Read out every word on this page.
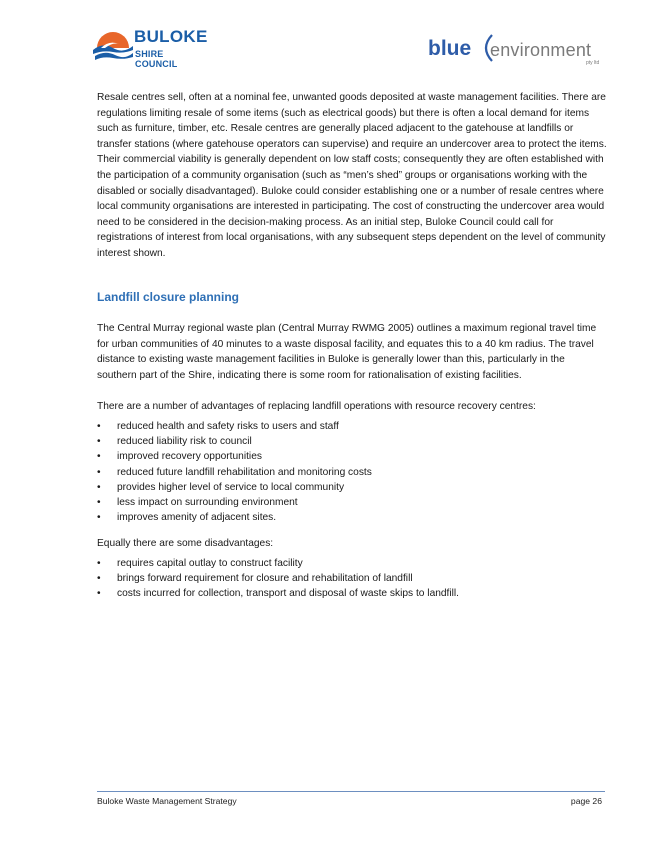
BULOKE
SHIRE COUNCIL
blue environment
pty ltd

Resale centres sell, often at a nominal fee, unwanted goods deposited at waste management facilities. There are regulations limiting resale of some items (such as electrical goods) but there is often a local demand for items such as furniture, timber, etc. Resale centres are generally placed adjacent to the gatehouse at landfills or transfer stations (where gatehouse operators can supervise) and require an undercover area to protect the items. Their commercial viability is generally dependent on low staff costs; consequently they are often established with the participation of a community organisation (such as “men’s shed” groups or organisations working with the disabled or socially disadvantaged). Buloke could consider establishing one or a number of resale centres where local community organisations are interested in participating. The cost of constructing the undercover area would need to be considered in the decision-making process. As an initial step, Buloke Council could call for registrations of interest from local organisations, with any subsequent steps dependent on the level of community interest shown.

Landfill closure planning

The Central Murray regional waste plan (Central Murray RWMG 2005) outlines a maximum regional travel time for urban communities of 40 minutes to a waste disposal facility, and equates this to a 40 km radius. The travel distance to existing waste management facilities in Buloke is generally lower than this, particularly in the southern part of the Shire, indicating there is some room for rationalisation of existing facilities.

There are a number of advantages of replacing landfill operations with resource recovery centres:

• reduced health and safety risks to users and staff
• reduced liability risk to council
• improved recovery opportunities
• reduced future landfill rehabilitation and monitoring costs
• provides higher level of service to local community
• less impact on surrounding environment
• improves amenity of adjacent sites.

Equally there are some disadvantages:

• requires capital outlay to construct facility
• brings forward requirement for closure and rehabilitation of landfill
• costs incurred for collection, transport and disposal of waste skips to landfill.
Buloke Waste Management Strategy	page 26
